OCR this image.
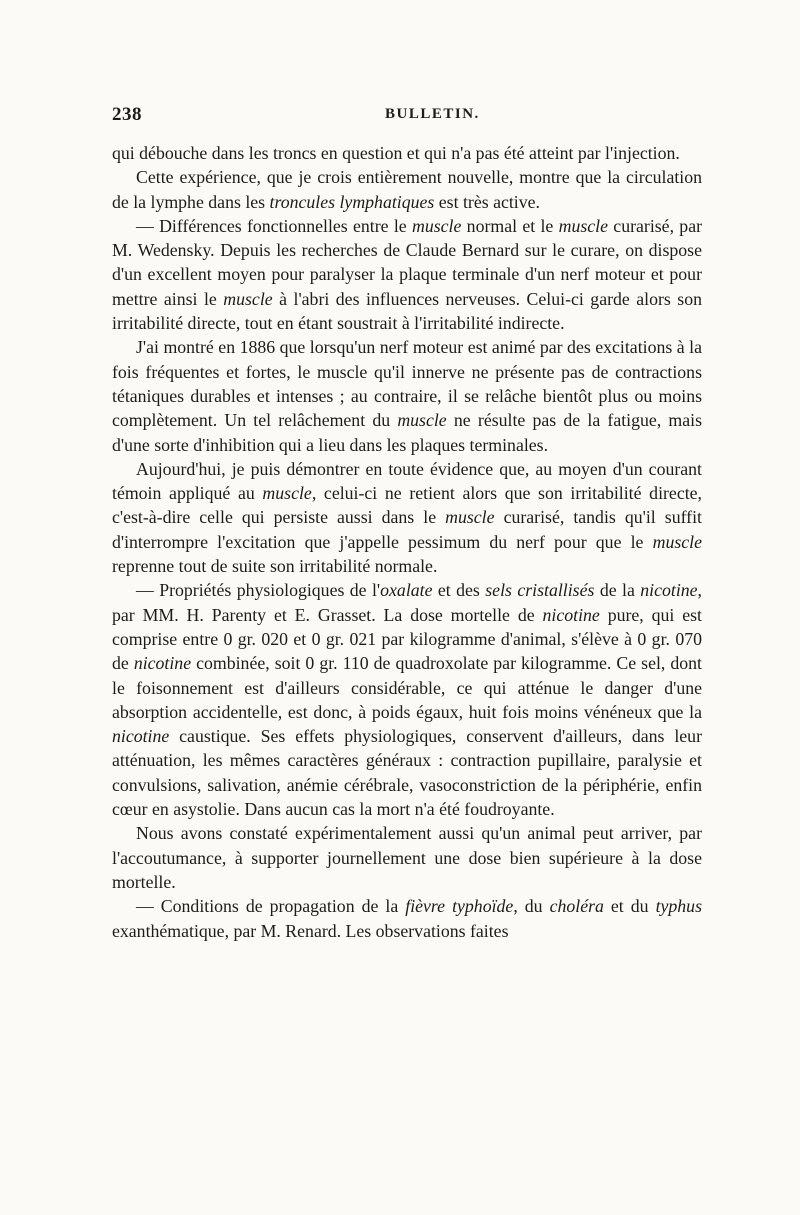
238	BULLETIN.

qui débouche dans les troncs en question et qui n'a pas été atteint par l'injection.

Cette expérience, que je crois entièrement nouvelle, montre que la circulation de la lymphe dans les troncules lymphatiques est très active.

— Différences fonctionnelles entre le muscle normal et le muscle curarisé, par M. Wedensky. Depuis les recherches de Claude Bernard sur le curare, on dispose d'un excellent moyen pour paralyser la plaque terminale d'un nerf moteur et pour mettre ainsi le muscle à l'abri des influences nerveuses. Celui-ci garde alors son irritabilité directe, tout en étant soustrait à l'irritabilité indirecte.

J'ai montré en 1886 que lorsqu'un nerf moteur est animé par des excitations à la fois fréquentes et fortes, le muscle qu'il innerve ne présente pas de contractions tétaniques durables et intenses ; au contraire, il se relâche bientôt plus ou moins complètement. Un tel relâchement du muscle ne résulte pas de la fatigue, mais d'une sorte d'inhibition qui a lieu dans les plaques terminales.

Aujourd'hui, je puis démontrer en toute évidence que, au moyen d'un courant témoin appliqué au muscle, celui-ci ne retient alors que son irritabilité directe, c'est-à-dire celle qui persiste aussi dans le muscle curarisé, tandis qu'il suffit d'interrompre l'excitation que j'appelle pessimum du nerf pour que le muscle reprenne tout de suite son irritabilité normale.

— Propriétés physiologiques de l'oxalate et des sels cristallisés de la nicotine, par MM. H. Parenty et E. Grasset. La dose mortelle de nicotine pure, qui est comprise entre 0 gr. 020 et 0 gr. 021 par kilogramme d'animal, s'élève à 0 gr. 070 de nicotine combinée, soit 0 gr. 110 de quadroxolate par kilogramme. Ce sel, dont le foisonnement est d'ailleurs considérable, ce qui atténue le danger d'une absorption accidentelle, est donc, à poids égaux, huit fois moins vénéneux que la nicotine caustique. Ses effets physiologiques, conservent d'ailleurs, dans leur atténuation, les mêmes caractères généraux : contraction pupillaire, paralysie et convulsions, salivation, anémie cérébrale, vasoconstriction de la périphérie, enfin cœur en asystolie. Dans aucun cas la mort n'a été foudroyante.

Nous avons constaté expérimentalement aussi qu'un animal peut arriver, par l'accoutumance, à supporter journellement une dose bien supérieure à la dose mortelle.

— Conditions de propagation de la fièvre typhoïde, du choléra et du typhus exanthématique, par M. Renard. Les observations faites
